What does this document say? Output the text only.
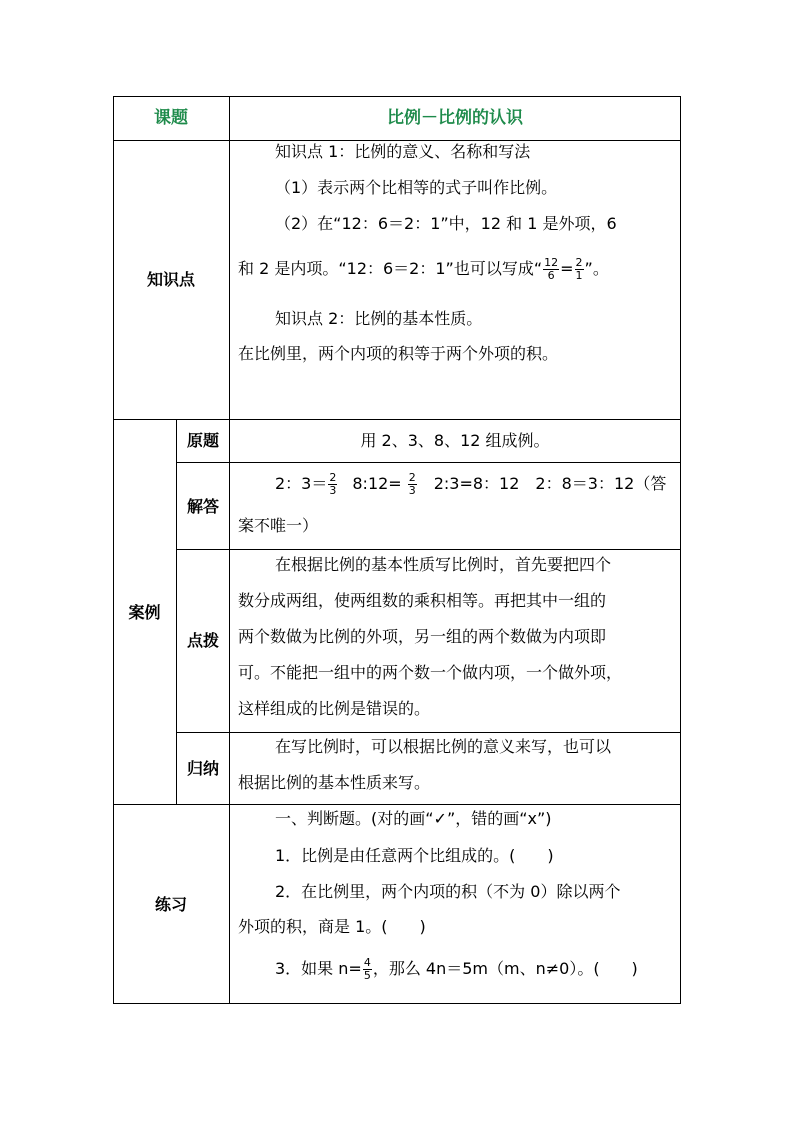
课题	比例－比例的认识
知识点
知识点 1：比例的意义、名称和写法
（1）表示两个比相等的式子叫作比例。
（2）在“12：6＝2：1”中，12 和 1 是外项，6
和 2 是内项。“12：6＝2：1”也可以写成“ $\frac{12}{6} = \frac{2}{1}$ ”。
知识点 2：比例的基本性质。
在比例里，两个内项的积等于两个外项的积。
案例
原题	用 2、3、8、12 组成例。
解答
2：$3= \frac{2}{3}$ 8:12= $\frac{2}{3}$ 2:3=8：12　2：8＝3：12（答
案不唯一）
点拨
在根据比例的基本性质写比例时，首先要把四个
数分成两组，使两组数的乘积相等。再把其中一组的
两个数做为比例的外项，另一组的两个数做为内项即
可。不能把一组中的两个数一个做内项，一个做外项，
这样组成的比例是错误的。
归纳
在写比例时，可以根据比例的意义来写，也可以
根据比例的基本性质来写。
练习
一、判断题。(对的画“✓”，错的画“x”)
1．比例是由任意两个比组成的。(　　)
2．在比例里，两个内项的积（不为 0）除以两个
外项的积，商是 1。(　　)
3．如果 $n= \frac{4}{5}$ ，那么 4n＝5m（m、n≠0）。(　　)
